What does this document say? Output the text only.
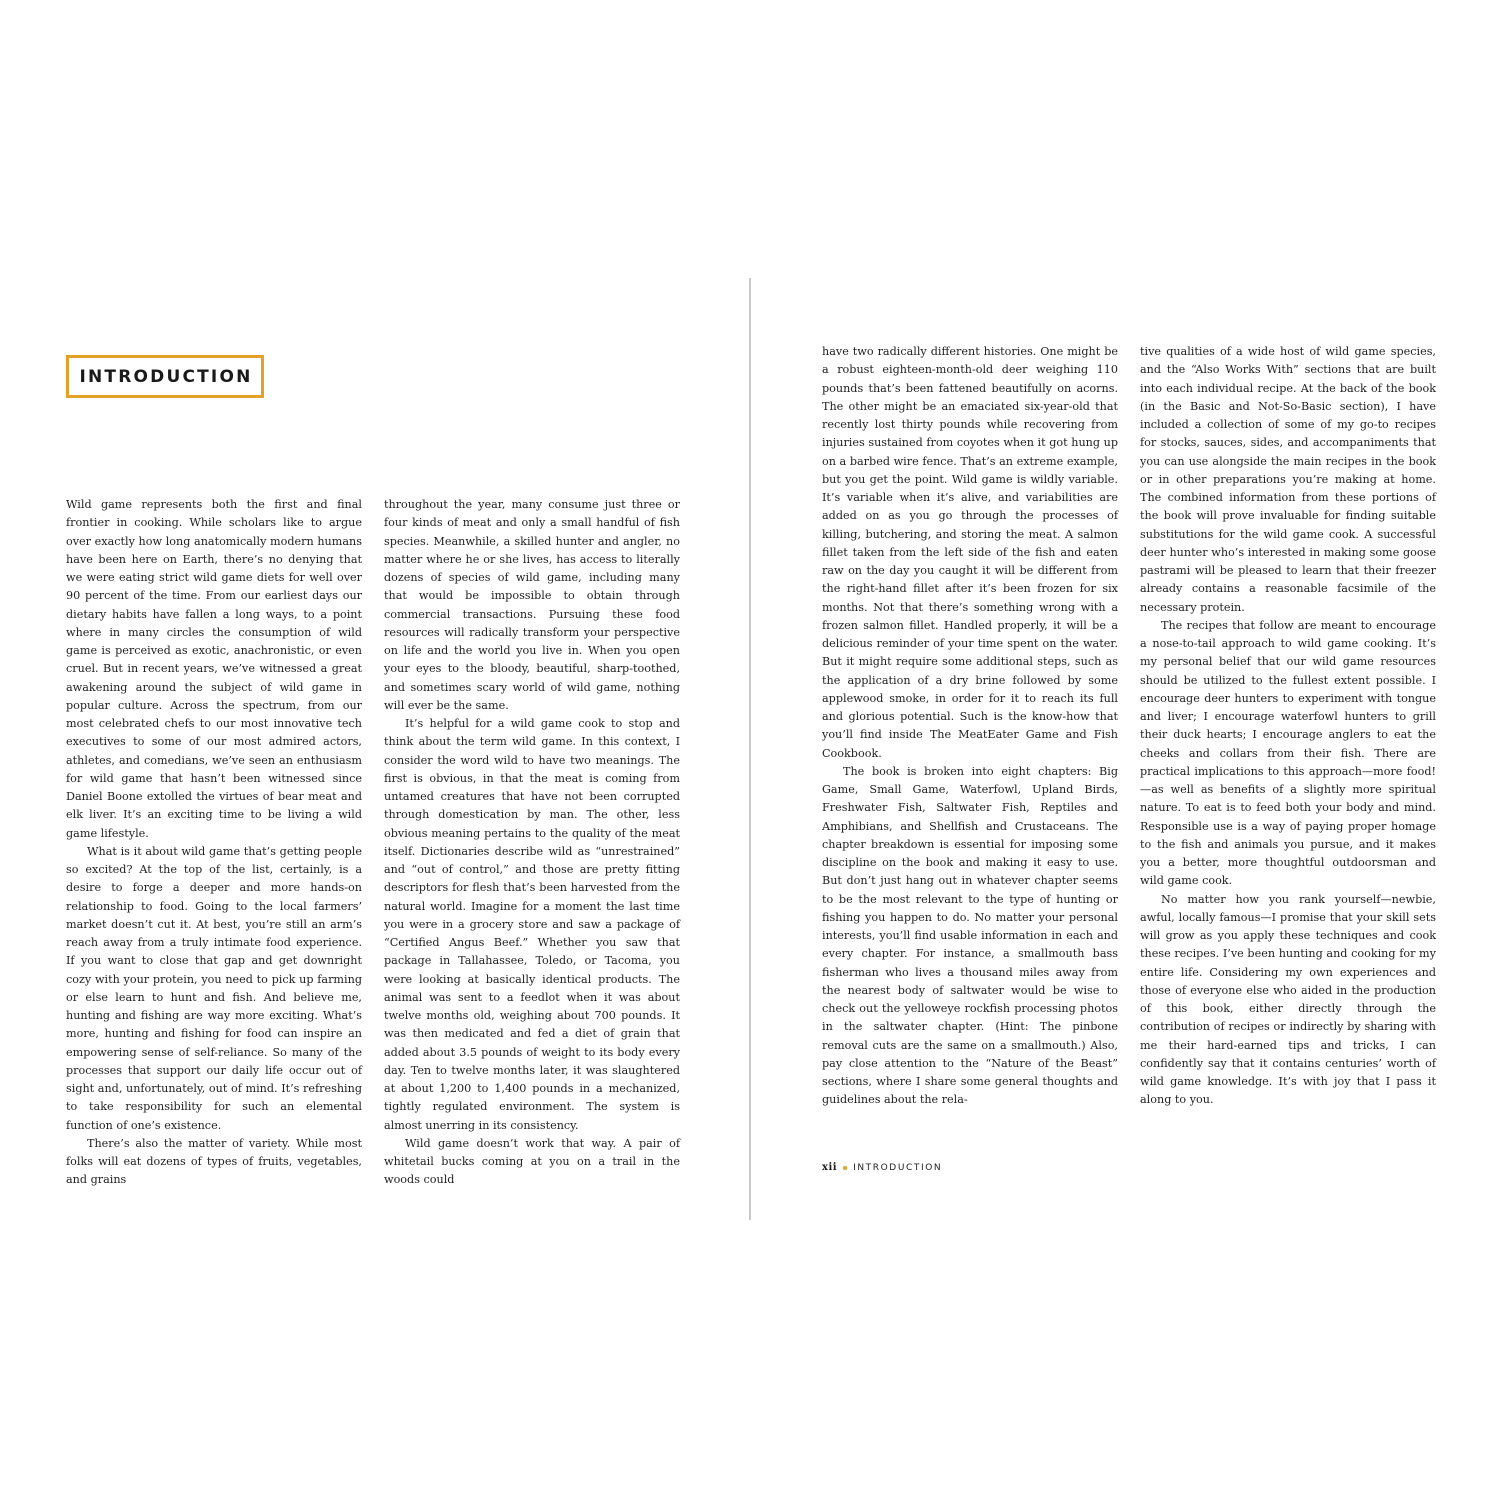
INTRODUCTION

Wild game represents both the first and final frontier in cooking. While scholars like to argue over exactly how long anatomically modern humans have been here on Earth, there’s no denying that we were eating strict wild game diets for well over 90 percent of the time. From our earliest days our dietary habits have fallen a long ways, to a point where in many circles the consumption of wild game is perceived as exotic, anachronistic, or even cruel. But in recent years, we’ve witnessed a great awakening around the subject of wild game in popular culture. Across the spectrum, from our most celebrated chefs to our most innovative tech executives to some of our most admired actors, athletes, and comedians, we’ve seen an enthusiasm for wild game that hasn’t been witnessed since Daniel Boone extolled the virtues of bear meat and elk liver. It’s an exciting time to be living a wild game lifestyle.

What is it about wild game that’s getting people so excited? At the top of the list, certainly, is a desire to forge a deeper and more hands-on relationship to food. Going to the local farmers’ market doesn’t cut it. At best, you’re still an arm’s reach away from a truly intimate food experience. If you want to close that gap and get downright cozy with your protein, you need to pick up farming or else learn to hunt and fish. And believe me, hunting and fishing are way more exciting. What’s more, hunting and fishing for food can inspire an empowering sense of self-reliance. So many of the processes that support our daily life occur out of sight and, unfortunately, out of mind. It’s refreshing to take responsibility for such an elemental function of one’s existence.

There’s also the matter of variety. While most folks will eat dozens of types of fruits, vegetables, and grains

throughout the year, many consume just three or four kinds of meat and only a small handful of fish species. Meanwhile, a skilled hunter and angler, no matter where he or she lives, has access to literally dozens of species of wild game, including many that would be impossible to obtain through commercial transactions. Pursuing these food resources will radically transform your perspective on life and the world you live in. When you open your eyes to the bloody, beautiful, sharp-toothed, and sometimes scary world of wild game, nothing will ever be the same.

It’s helpful for a wild game cook to stop and think about the term wild game. In this context, I consider the word wild to have two meanings. The first is obvious, in that the meat is coming from untamed creatures that have not been corrupted through domestication by man. The other, less obvious meaning pertains to the quality of the meat itself. Dictionaries describe wild as “unrestrained” and “out of control,” and those are pretty fitting descriptors for flesh that’s been harvested from the natural world. Imagine for a moment the last time you were in a grocery store and saw a package of “Certified Angus Beef.” Whether you saw that package in Tallahassee, Toledo, or Tacoma, you were looking at basically identical products. The animal was sent to a feedlot when it was about twelve months old, weighing about 700 pounds. It was then medicated and fed a diet of grain that added about 3.5 pounds of weight to its body every day. Ten to twelve months later, it was slaughtered at about 1,200 to 1,400 pounds in a mechanized, tightly regulated environment. The system is almost unerring in its consistency.

Wild game doesn’t work that way. A pair of whitetail bucks coming at you on a trail in the woods could

have two radically different histories. One might be a robust eighteen-month-old deer weighing 110 pounds that’s been fattened beautifully on acorns. The other might be an emaciated six-year-old that recently lost thirty pounds while recovering from injuries sustained from coyotes when it got hung up on a barbed wire fence. That’s an extreme example, but you get the point. Wild game is wildly variable. It’s variable when it’s alive, and variabilities are added on as you go through the processes of killing, butchering, and storing the meat. A salmon fillet taken from the left side of the fish and eaten raw on the day you caught it will be different from the right-hand fillet after it’s been frozen for six months. Not that there’s something wrong with a frozen salmon fillet. Handled properly, it will be a delicious reminder of your time spent on the water. But it might require some additional steps, such as the application of a dry brine followed by some applewood smoke, in order for it to reach its full and glorious potential. Such is the know-how that you’ll find inside The MeatEater Game and Fish Cookbook.

The book is broken into eight chapters: Big Game, Small Game, Waterfowl, Upland Birds, Freshwater Fish, Saltwater Fish, Reptiles and Amphibians, and Shellfish and Crustaceans. The chapter breakdown is essential for imposing some discipline on the book and making it easy to use. But don’t just hang out in whatever chapter seems to be the most relevant to the type of hunting or fishing you happen to do. No matter your personal interests, you’ll find usable information in each and every chapter. For instance, a smallmouth bass fisherman who lives a thousand miles away from the nearest body of saltwater would be wise to check out the yelloweye rockfish processing photos in the saltwater chapter. (Hint: The pinbone removal cuts are the same on a smallmouth.) Also, pay close attention to the “Nature of the Beast” sections, where I share some general thoughts and guidelines about the rela-

tive qualities of a wide host of wild game species, and the “Also Works With” sections that are built into each individual recipe. At the back of the book (in the Basic and Not-So-Basic section), I have included a collection of some of my go-to recipes for stocks, sauces, sides, and accompaniments that you can use alongside the main recipes in the book or in other preparations you’re making at home. The combined information from these portions of the book will prove invaluable for finding suitable substitutions for the wild game cook. A successful deer hunter who’s interested in making some goose pastrami will be pleased to learn that their freezer already contains a reasonable facsimile of the necessary protein.

The recipes that follow are meant to encourage a nose-to-tail approach to wild game cooking. It’s my personal belief that our wild game resources should be utilized to the fullest extent possible. I encourage deer hunters to experiment with tongue and liver; I encourage waterfowl hunters to grill their duck hearts; I encourage anglers to eat the cheeks and collars from their fish. There are practical implications to this approach—more food!—as well as benefits of a slightly more spiritual nature. To eat is to feed both your body and mind. Responsible use is a way of paying proper homage to the fish and animals you pursue, and it makes you a better, more thoughtful outdoorsman and wild game cook.

No matter how you rank yourself—newbie, awful, locally famous—I promise that your skill sets will grow as you apply these techniques and cook these recipes. I’ve been hunting and cooking for my entire life. Considering my own experiences and those of everyone else who aided in the production of this book, either directly through the contribution of recipes or indirectly by sharing with me their hard-earned tips and tricks, I can confidently say that it contains centuries’ worth of wild game knowledge. It’s with joy that I pass it along to you.

xii INTRODUCTION
